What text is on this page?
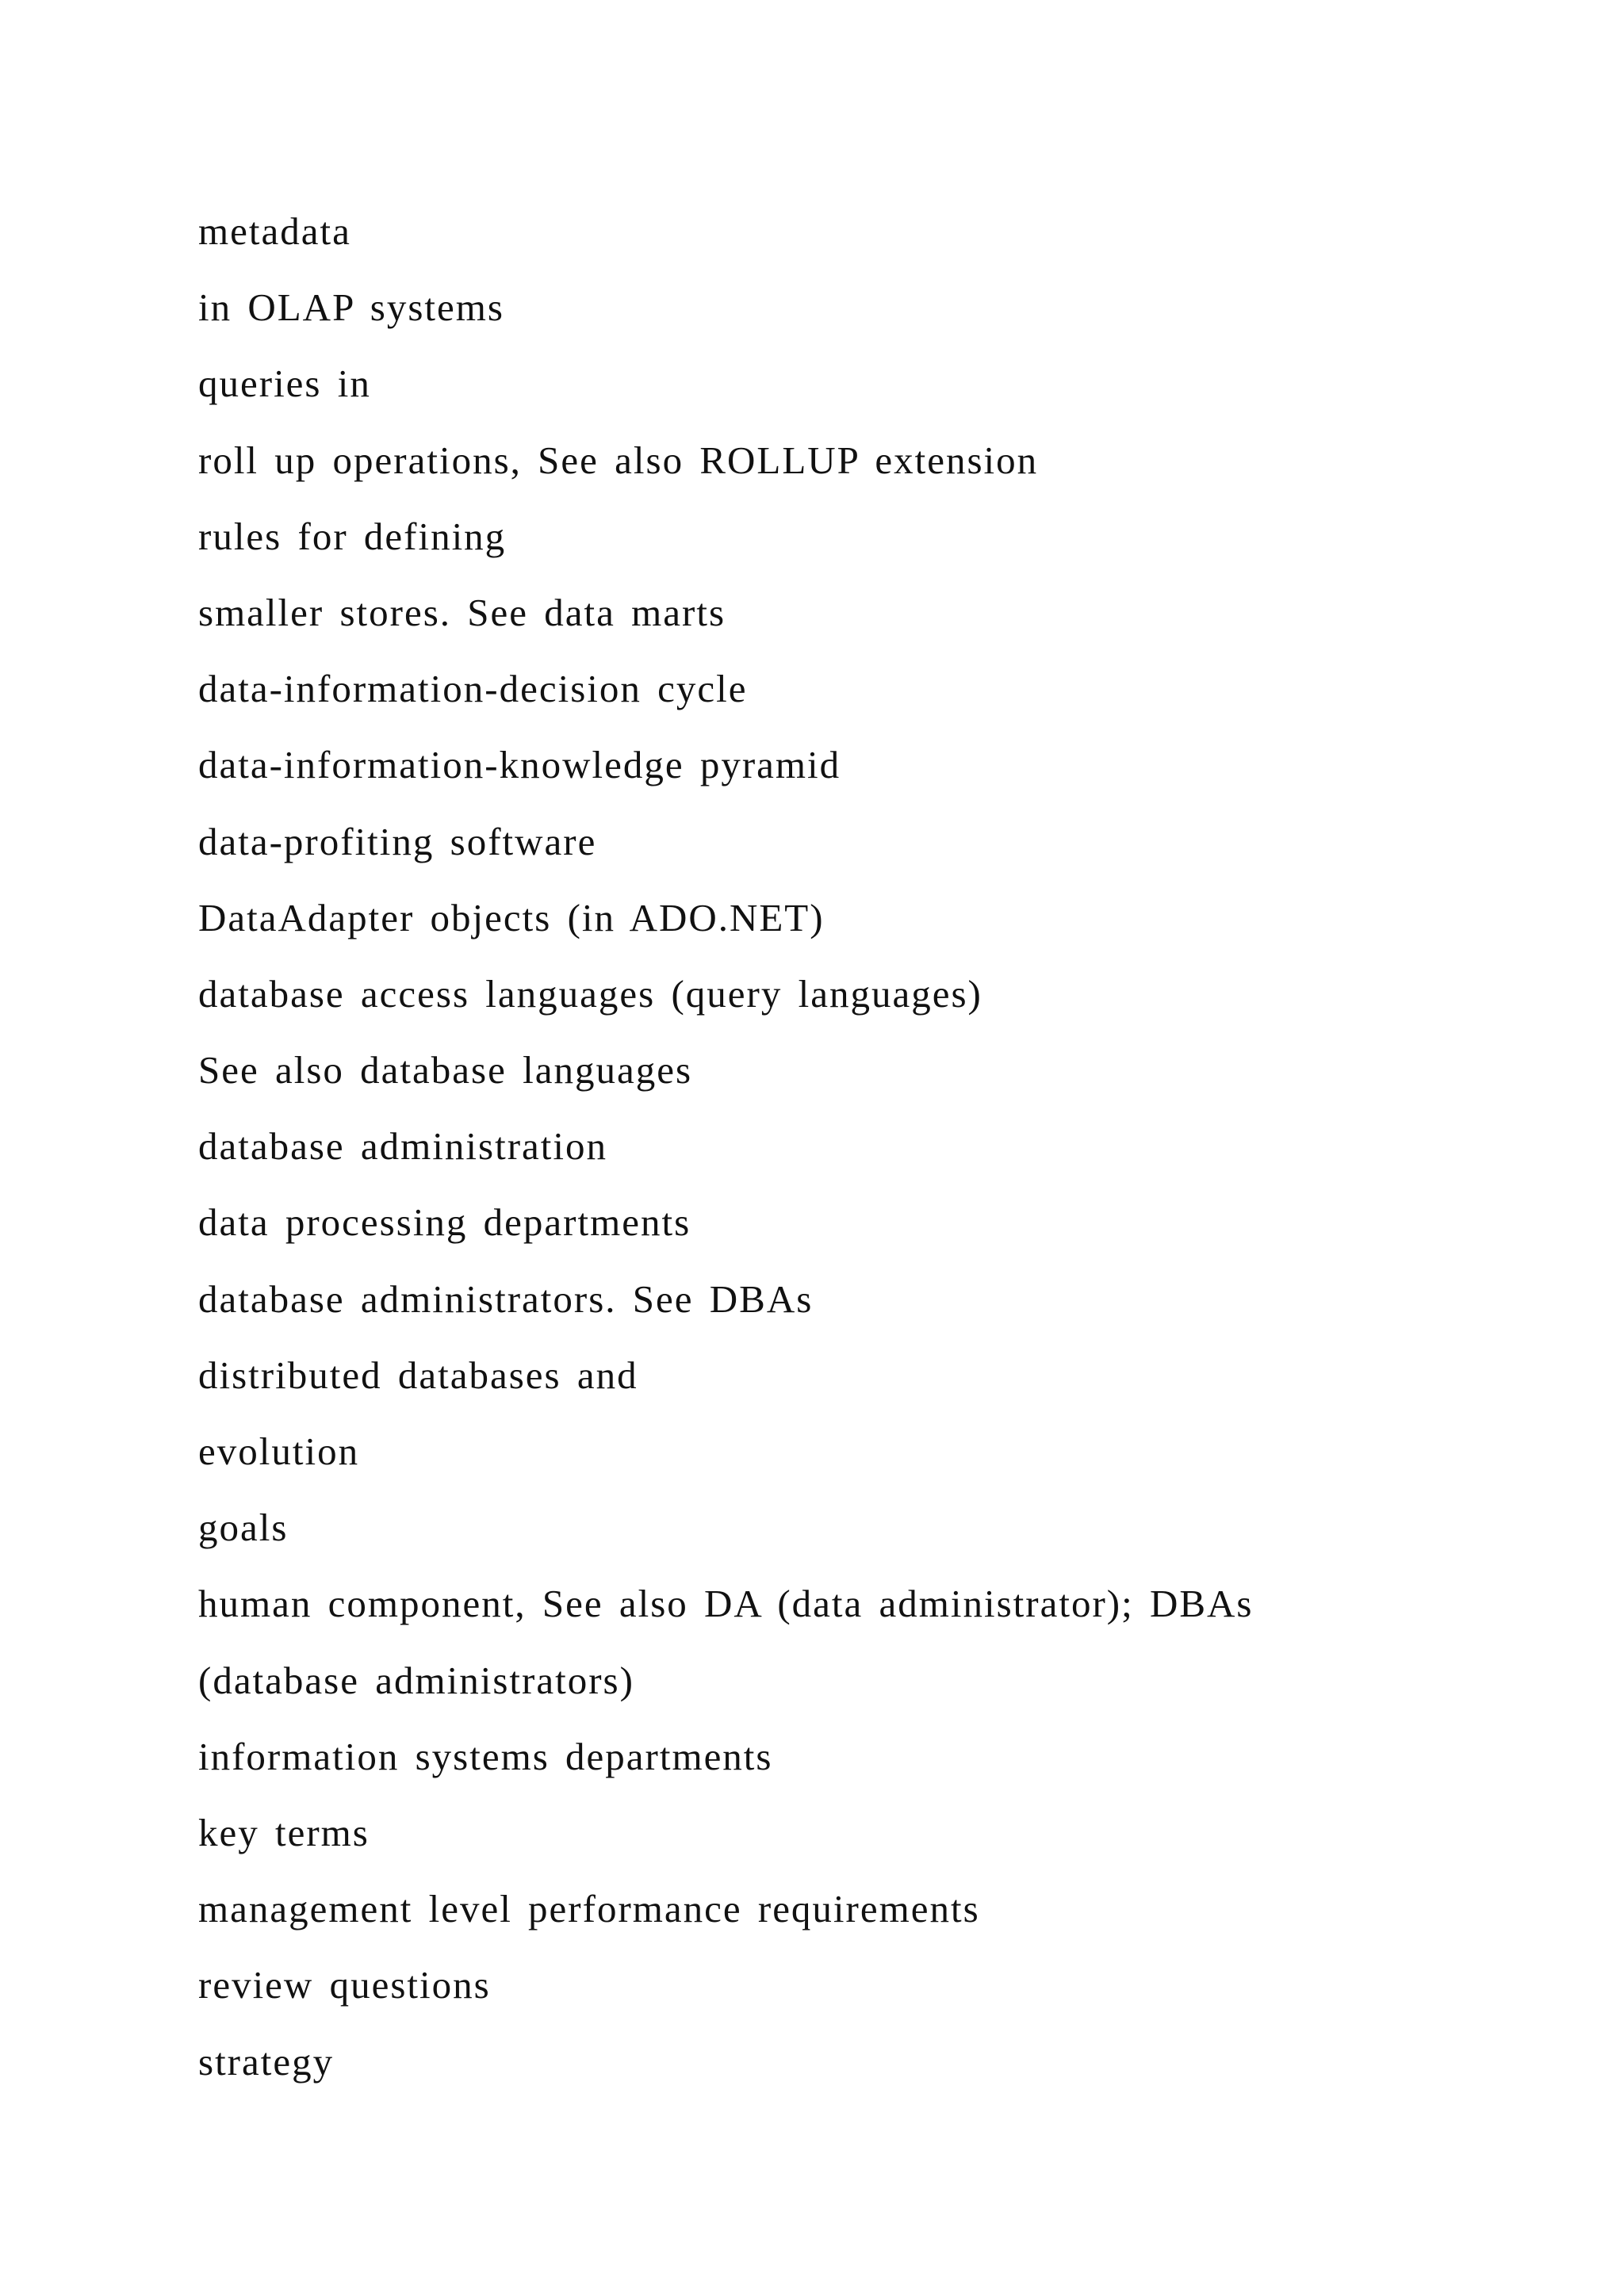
metadata
in OLAP systems
queries in
roll up operations, See also ROLLUP extension
rules for defining
smaller stores. See data marts
data-information-decision cycle
data-information-knowledge pyramid
data-profiting software
DataAdapter objects (in ADO.NET)
database access languages (query languages)
See also database languages
database administration
data processing departments
database administrators. See DBAs
distributed databases and
evolution
goals
human component, See also DA (data administrator); DBAs
(database administrators)
information systems departments
key terms
management level performance requirements
review questions
strategy
